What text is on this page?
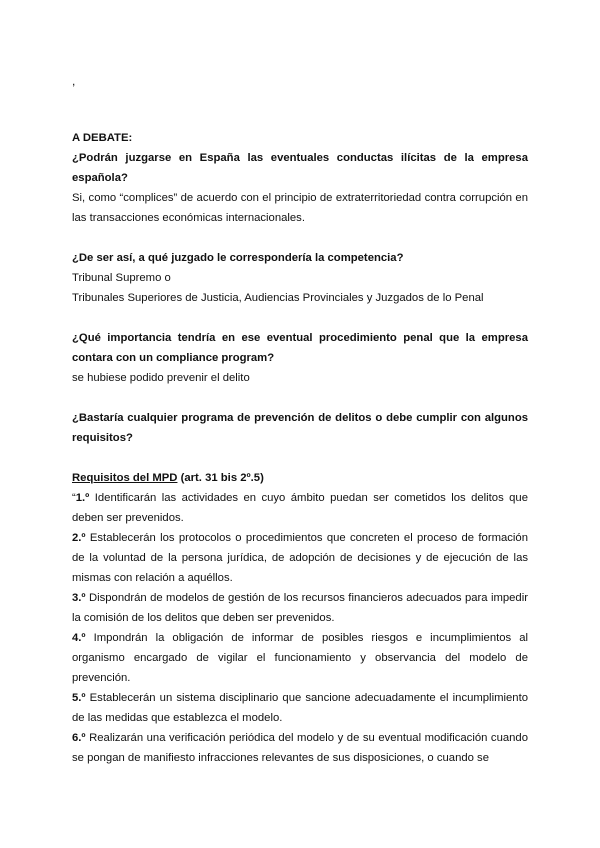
,

A DEBATE:

¿Podrán juzgarse en España las eventuales conductas ilícitas de la empresa española?

Si, como “complices” de acuerdo con el principio de extraterritoriedad contra corrupción en las transacciones económicas internacionales.

¿De ser así, a qué juzgado le correspondería la competencia?

Tribunal Supremo o

Tribunales Superiores de Justicia, Audiencias Provinciales y Juzgados de lo Penal

¿Qué importancia tendría en ese eventual procedimiento penal que la empresa contara con un compliance program?

se hubiese podido prevenir el delito

¿Bastaría cualquier programa de prevención de delitos o debe cumplir con algunos requisitos?

Requisitos del MPD (art. 31 bis 2º.5)

“1.º Identificarán las actividades en cuyo ámbito puedan ser cometidos los delitos que deben ser prevenidos.

2.º Establecerán los protocolos o procedimientos que concreten el proceso de formación de la voluntad de la persona jurídica, de adopción de decisiones y de ejecución de las mismas con relación a aquéllos.

3.º Dispondrán de modelos de gestión de los recursos financieros adecuados para impedir la comisión de los delitos que deben ser prevenidos.

4.º Impondrán la obligación de informar de posibles riesgos e incumplimientos al organismo encargado de vigilar el funcionamiento y observancia del modelo de prevención.

5.º Establecerán un sistema disciplinario que sancione adecuadamente el incumplimiento de las medidas que establezca el modelo.

6.º Realizarán una verificación periódica del modelo y de su eventual modificación cuando se pongan de manifiesto infracciones relevantes de sus disposiciones, o cuando se
